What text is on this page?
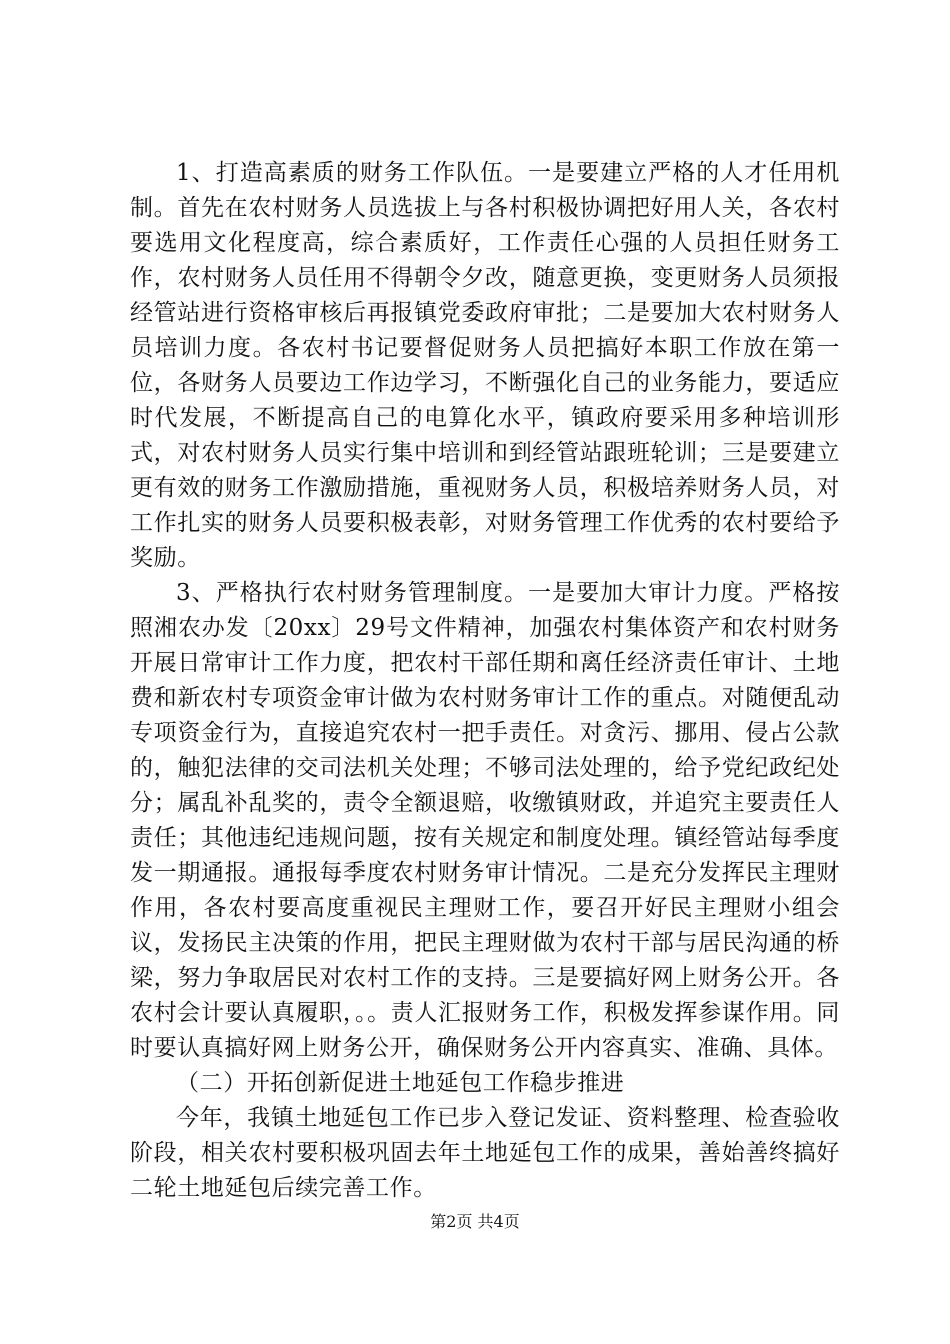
1、打造高素质的财务工作队伍。一是要建立严格的人才任用机制。首先在农村财务人员选拔上与各村积极协调把好用人关，各农村要选用文化程度高，综合素质好，工作责任心强的人员担任财务工作，农村财务人员任用不得朝令夕改，随意更换，变更财务人员须报经管站进行资格审核后再报镇党委政府审批；二是要加大农村财务人员培训力度。各农村书记要督促财务人员把搞好本职工作放在第一位，各财务人员要边工作边学习，不断强化自己的业务能力，要适应时代发展，不断提高自己的电算化水平，镇政府要采用多种培训形式，对农村财务人员实行集中培训和到经管站跟班轮训；三是要建立更有效的财务工作激励措施，重视财务人员，积极培养财务人员，对工作扎实的财务人员要积极表彰，对财务管理工作优秀的农村要给予奖励。

3、严格执行农村财务管理制度。一是要加大审计力度。严格按照湘农办发〔20xx〕29号文件精神，加强农村集体资产和农村财务开展日常审计工作力度，把农村干部任期和离任经济责任审计、土地费和新农村专项资金审计做为农村财务审计工作的重点。对随便乱动专项资金行为，直接追究农村一把手责任。对贪污、挪用、侵占公款的，触犯法律的交司法机关处理；不够司法处理的，给予党纪政纪处分；属乱补乱奖的，责令全额退赔，收缴镇财政，并追究主要责任人责任；其他违纪违规问题，按有关规定和制度处理。镇经管站每季度发一期通报。通报每季度农村财务审计情况。二是充分发挥民主理财作用，各农村要高度重视民主理财工作，要召开好民主理财小组会议，发扬民主决策的作用，把民主理财做为农村干部与居民沟通的桥梁，努力争取居民对农村工作的支持。三是要搞好网上财务公开。各农村会计要认真履职，。。责人汇报财务工作，积极发挥参谋作用。同时要认真搞好网上财务公开，确保财务公开内容真实、准确、具体。

（二）开拓创新促进土地延包工作稳步推进

今年，我镇土地延包工作已步入登记发证、资料整理、检查验收阶段，相关农村要积极巩固去年土地延包工作的成果，善始善终搞好二轮土地延包后续完善工作。

第2页 共4页
